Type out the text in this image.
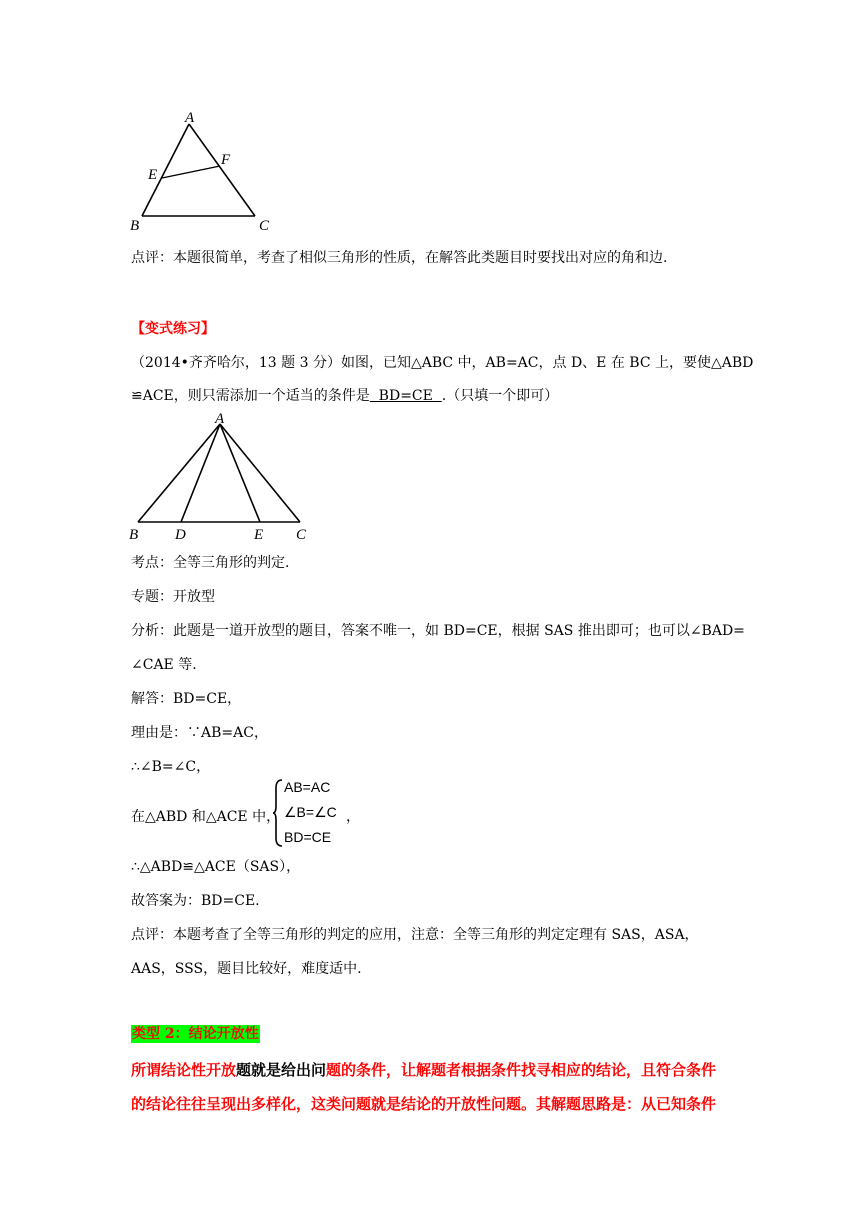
A
E
F
B	C
点评：本题很简单，考查了相似三角形的性质，在解答此类题目时要找出对应的角和边.
【变式练习】
（2014•齐齐哈尔，13 题 3 分）如图，已知△ABC 中，AB=AC，点 D、E 在 BC 上，要使△ABD
≌ACE，则只需添加一个适当的条件是  BD=CE  .（只填一个即可）
A
B D	E C
考点：全等三角形的判定.
专题：开放型
分析：此题是一道开放型的题目，答案不唯一，如 BD=CE，根据 SAS 推出即可；也可以∠BAD=
∠CAE 等.
解答：BD=CE，
理由是：∵AB=AC，
∴∠B=∠C，
在△ABD 和△ACE 中，
AB=AC
∠B=∠C ，
BD=CE
∴△ABD≌△ACE（SAS），
故答案为：BD=CE.
点评：本题考查了全等三角形的判定的应用，注意：全等三角形的判定定理有 SAS，ASA，
AAS，SSS，题目比较好，难度适中.
类型 2：结论开放性
所谓结论性开放题就是给出问题的条件，让解题者根据条件找寻相应的结论，且符合条件
的结论往往呈现出多样化，这类问题就是结论的开放性问题。其解题思路是：从已知条件
